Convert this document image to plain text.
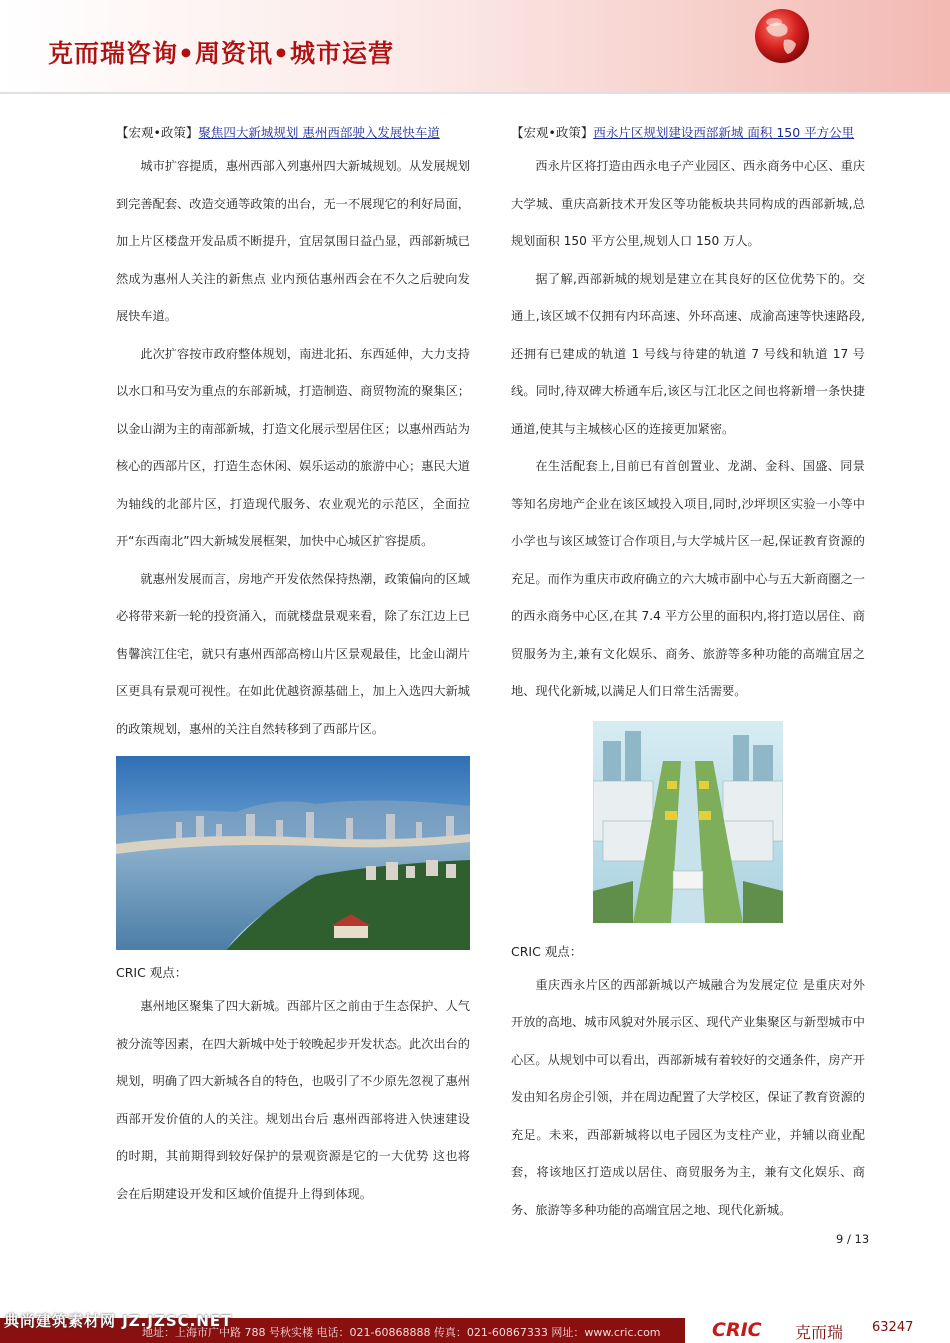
克而瑞咨询•周资讯•城市运营
【宏观•政策】聚焦四大新城规划 惠州西部驶入发展快车道

城市扩容提质，惠州西部入列惠州四大新城规划。从发展规划到完善配套、改造交通等政策的出台，无一不展现它的利好局面，加上片区楼盘开发品质不断提升，宜居氛围日益凸显，西部新城已然成为惠州人关注的新焦点 业内预估惠州西会在不久之后驶向发展快车道。

此次扩容按市政府整体规划，南进北拓、东西延伸，大力支持以水口和马安为重点的东部新城，打造制造、商贸物流的聚集区；以金山湖为主的南部新城，打造文化展示型居住区；以惠州西站为核心的西部片区，打造生态休闲、娱乐运动的旅游中心；惠民大道为轴线的北部片区，打造现代服务、农业观光的示范区，全面拉开“东西南北”四大新城发展框架，加快中心城区扩容提质。

就惠州发展而言，房地产开发依然保持热潮，政策偏向的区域必将带来新一轮的投资涌入，而就楼盘景观来看，除了东江边上已售馨滨江住宅，就只有惠州西部高榜山片区景观最佳，比金山湖片区更具有景观可视性。在如此优越资源基础上，加上入选四大新城的政策规划，惠州的关注自然转移到了西部片区。

CRIC 观点：

惠州地区聚集了四大新城。西部片区之前由于生态保护、人气被分流等因素，在四大新城中处于较晚起步开发状态。此次出台的规划，明确了四大新城各自的特色，也吸引了不少原先忽视了惠州西部开发价值的人的关注。规划出台后 惠州西部将进入快速建设的时期，其前期得到较好保护的景观资源是它的一大优势 这也将会在后期建设开发和区域价值提升上得到体现。

【宏观•政策】西永片区规划建设西部新城 面积 150 平方公里

西永片区将打造由西永电子产业园区、西永商务中心区、重庆大学城、重庆高新技术开发区等功能板块共同构成的西部新城,总规划面积 150 平方公里,规划人口 150 万人。

据了解,西部新城的规划是建立在其良好的区位优势下的。交通上,该区域不仅拥有内环高速、外环高速、成渝高速等快速路段,还拥有已建成的轨道 1 号线与待建的轨道 7 号线和轨道 17 号线。同时,待双碑大桥通车后,该区与江北区之间也将新增一条快捷通道,使其与主城核心区的连接更加紧密。

在生活配套上,目前已有首创置业、龙湖、金科、国盛、同景等知名房地产企业在该区域投入项目,同时,沙坪坝区实验一小等中小学也与该区域签订合作项目,与大学城片区一起,保证教育资源的充足。而作为重庆市政府确立的六大城市副中心与五大新商圈之一的西永商务中心区,在其 7.4 平方公里的面积内,将打造以居住、商贸服务为主,兼有文化娱乐、商务、旅游等多种功能的高端宜居之地、现代化新城,以满足人们日常生活需要。

CRIC 观点：

重庆西永片区的西部新城以产城融合为发展定位 是重庆对外开放的高地、城市风貌对外展示区、现代产业集聚区与新型城市中心区。从规划中可以看出，西部新城有着较好的交通条件，房产开发由知名房企引领，并在周边配置了大学校区，保证了教育资源的充足。未来，西部新城将以电子园区为支柱产业，并辅以商业配套，将该地区打造成以居住、商贸服务为主，兼有文化娱乐、商务、旅游等多种功能的高端宜居之地、现代化新城。

9 / 13
地址：上海市广中路 788 号秋实楼 电话：021-60868888 传真：021-60867333 网址：www.cric.com	CRIC 克而瑞 63247
典尚建筑素材网 JZ.JZSC.NET
